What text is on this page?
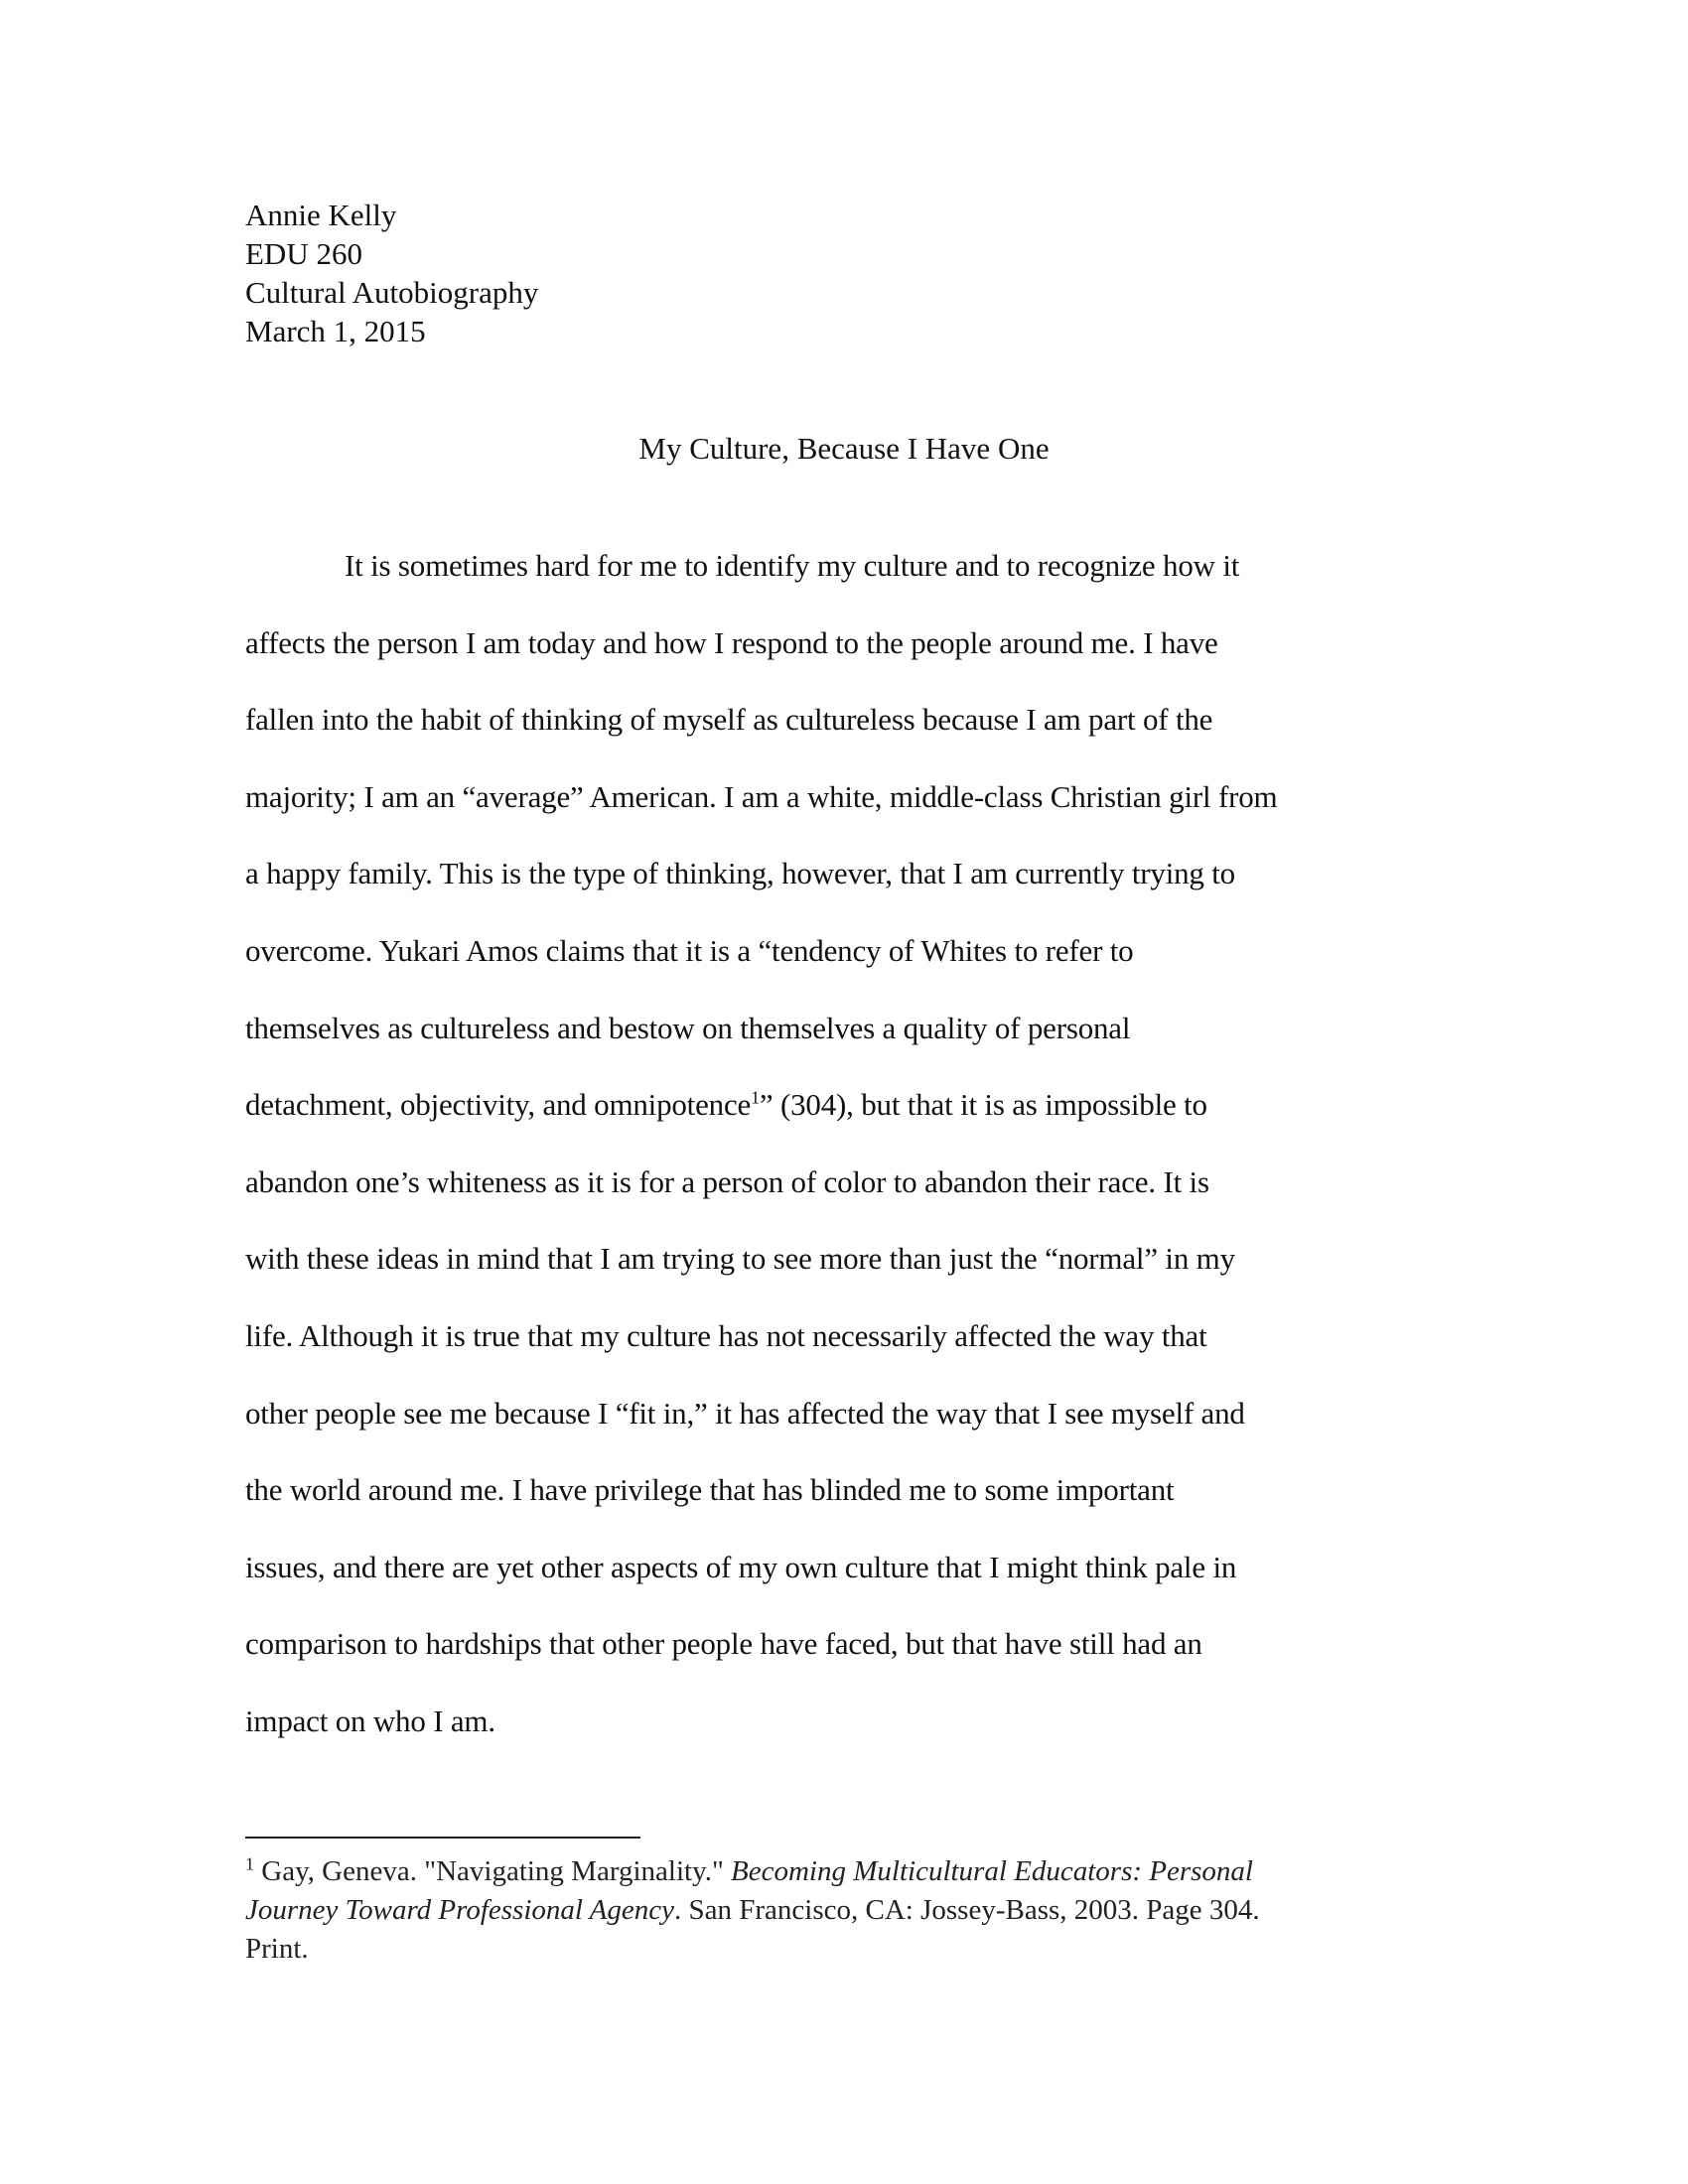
Annie Kelly
EDU 260
Cultural Autobiography
March 1, 2015
My Culture, Because I Have One
It is sometimes hard for me to identify my culture and to recognize how it
affects the person I am today and how I respond to the people around me. I have
fallen into the habit of thinking of myself as cultureless because I am part of the
majority; I am an “average” American. I am a white, middle-class Christian girl from
a happy family. This is the type of thinking, however, that I am currently trying to
overcome. Yukari Amos claims that it is a “tendency of Whites to refer to
themselves as cultureless and bestow on themselves a quality of personal
detachment, objectivity, and omnipotence$^1$” (304), but that it is as impossible to
abandon one’s whiteness as it is for a person of color to abandon their race. It is
with these ideas in mind that I am trying to see more than just the “normal” in my
life. Although it is true that my culture has not necessarily affected the way that
other people see me because I “fit in,” it has affected the way that I see myself and
the world around me. I have privilege that has blinded me to some important
issues, and there are yet other aspects of my own culture that I might think pale in
comparison to hardships that other people have faced, but that have still had an
impact on who I am.
$^1$ Gay, Geneva. "Navigating Marginality." Becoming Multicultural Educators: Personal
Journey Toward Professional Agency. San Francisco, CA: Jossey-Bass, 2003. Page 304.
Print.
